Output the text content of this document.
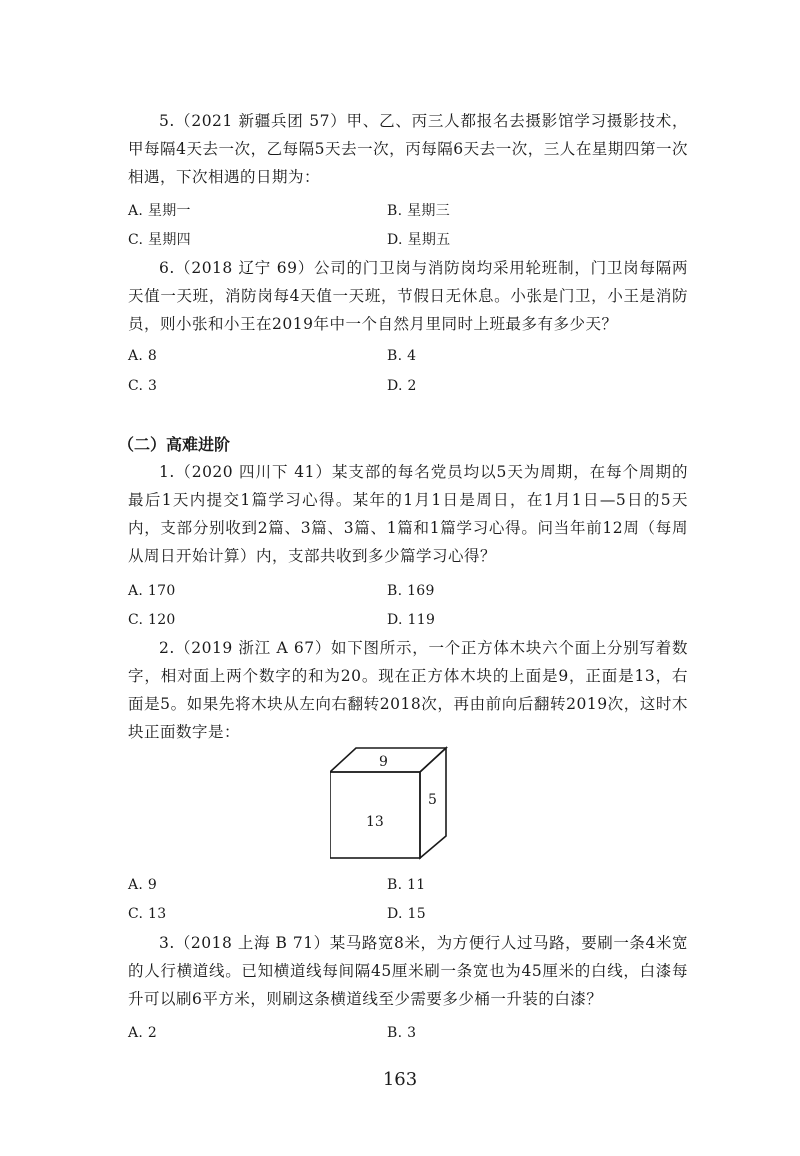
5.（2021 新疆兵团 57）甲、乙、丙三人都报名去摄影馆学习摄影技术，甲每隔4天去一次，乙每隔5天去一次，丙每隔6天去一次，三人在星期四第一次相遇，下次相遇的日期为：

A. 星期一	B. 星期三

C. 星期四	D. 星期五

6.（2018 辽宁 69）公司的门卫岗与消防岗均采用轮班制，门卫岗每隔两天值一天班，消防岗每4天值一天班，节假日无休息。小张是门卫，小王是消防员，则小张和小王在2019年中一个自然月里同时上班最多有多少天？

A. 8	B. 4

C. 3	D. 2

（二）高难进阶

1.（2020 四川下 41）某支部的每名党员均以5天为周期，在每个周期的最后1天内提交1篇学习心得。某年的1月1日是周日，在1月1日—5日的5天内，支部分别收到2篇、3篇、3篇、1篇和1篇学习心得。问当年前12周（每周从周日开始计算）内，支部共收到多少篇学习心得？

A. 170	B. 169

C. 120	D. 119

2.（2019 浙江 A 67）如下图所示，一个正方体木块六个面上分别写着数字，相对面上两个数字的和为20。现在正方体木块的上面是9，正面是13，右面是5。如果先将木块从左向右翻转2018次，再由前向后翻转2019次，这时木块正面数字是：

9
5
13

A. 9	B. 11

C. 13	D. 15

3.（2018 上海 B 71）某马路宽8米，为方便行人过马路，要刷一条4米宽的人行横道线。已知横道线每间隔45厘米刷一条宽也为45厘米的白线，白漆每升可以刷6平方米，则刷这条横道线至少需要多少桶一升装的白漆？

A. 2	B. 3

163
